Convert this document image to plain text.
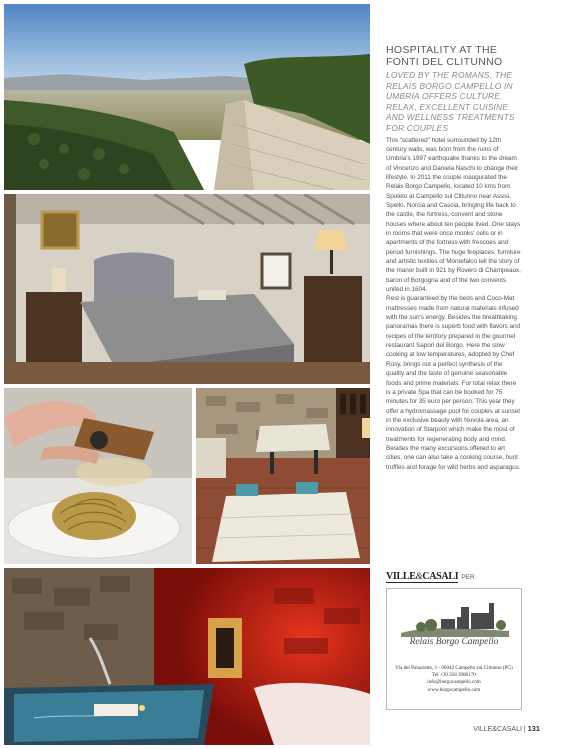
HOSPITALITY AT THE
FONTI DEL CLITUNNO
LOVED BY THE ROMANS, THE RELAIS BORGO CAMPELLO IN UMBRIA OFFERS CULTURE, RELAX, EXCELLENT CUISINE AND WELLNESS TREATMENTS FOR COUPLES

This "scattered" hotel surrounded by 12th century walls, was born from the ruins of Umbria's 1997 earthquake thanks to the dream of Vincenzo and Daniela Naschi to change their lifestyle. In 2011 the couple inaugurated the Relais Borgo Campello, located 10 kms from Spoleto at Campello sul Clitunno near Assisi, Spello, Norcia and Cascia, bringing life back to the castle, the fortress, convent and stone houses where about ten people lived. One stays in rooms that were once monks' cells or in apartments of the fortress with frescoes and period furnishings. The huge fireplaces, furniture and artistic textiles of Montefalco tell the story of the manor built in 921 by Rovero di Champeaux, baron of Borgogna and of the two convents united in 1604.

Rest is guaranteed by the beds and Coco-Mat mattresses made from natural materials infused with the sun's energy. Besides the breathtaking panoramas there is superb food with flavors and recipes of the territory prepared in the gourmet restaurant Sapori del Borgo. Here the slow cooking at low temperatures, adopted by Chef Rosy, brings out a perfect synthesis of the quality and the taste of genuine seasonable foods and prime materials. For total relax there is a private Spa that can be booked for 75 minutes for 35 euro per person. This year they offer a hydromassage pool for couples at sunset in the exclusive beauty with Nuvola area, an innovation of Starpool which make the most of treatments for regenerating body and mind. Besides the many excursions offered to art cities, one can also take a cooking course, hunt truffles and forage for wild herbs and asparagus.

VILLE&CASALI PER
Relais Borgo Campello
Via del Palazzetto, 1 - 06042 Campello sul Clitunno (PG)
Tel +39 328 3986170
info@borgocampello.com
www.borgocampello.com
VILLE&CASALI | 131
